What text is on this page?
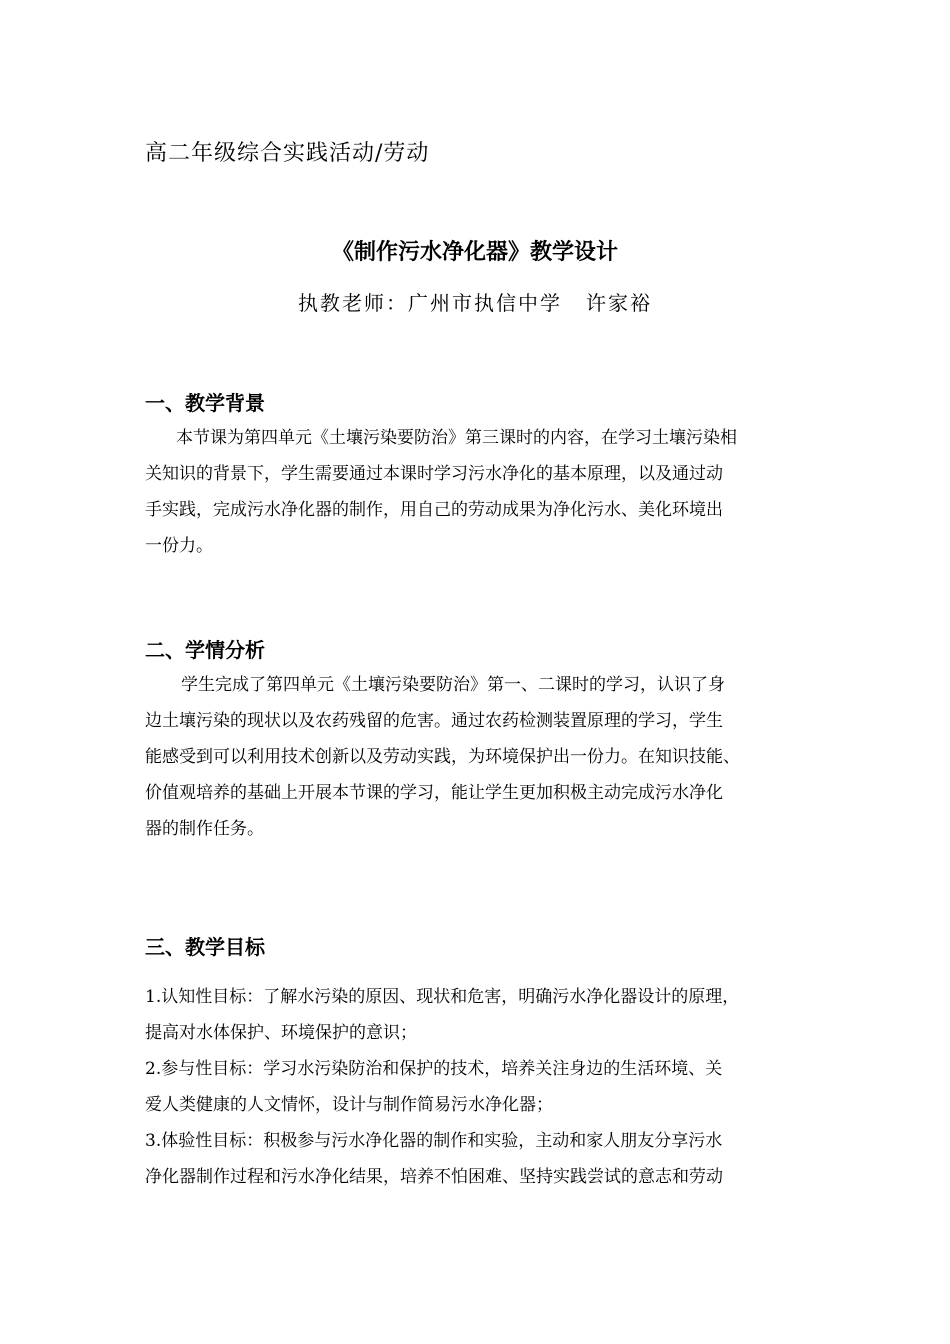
高二年级综合实践活动/劳动
《制作污水净化器》教学设计
执教老师：广州市执信中学 许家裕
一、教学背景
本节课为第四单元《土壤污染要防治》第三课时的内容，在学习土壤污染相
关知识的背景下，学生需要通过本课时学习污水净化的基本原理，以及通过动
手实践，完成污水净化器的制作，用自己的劳动成果为净化污水、美化环境出
一份力。
二、学情分析
学生完成了第四单元《土壤污染要防治》第一、二课时的学习，认识了身
边土壤污染的现状以及农药残留的危害。通过农药检测装置原理的学习，学生
能感受到可以利用技术创新以及劳动实践，为环境保护出一份力。在知识技能、
价值观培养的基础上开展本节课的学习，能让学生更加积极主动完成污水净化
器的制作任务。
三、教学目标
1.认知性目标：了解水污染的原因、现状和危害，明确污水净化器设计的原理，
提高对水体保护、环境保护的意识；
2.参与性目标：学习水污染防治和保护的技术，培养关注身边的生活环境、关
爱人类健康的人文情怀，设计与制作简易污水净化器；
3.体验性目标：积极参与污水净化器的制作和实验，主动和家人朋友分享污水
净化器制作过程和污水净化结果，培养不怕困难、坚持实践尝试的意志和劳动
